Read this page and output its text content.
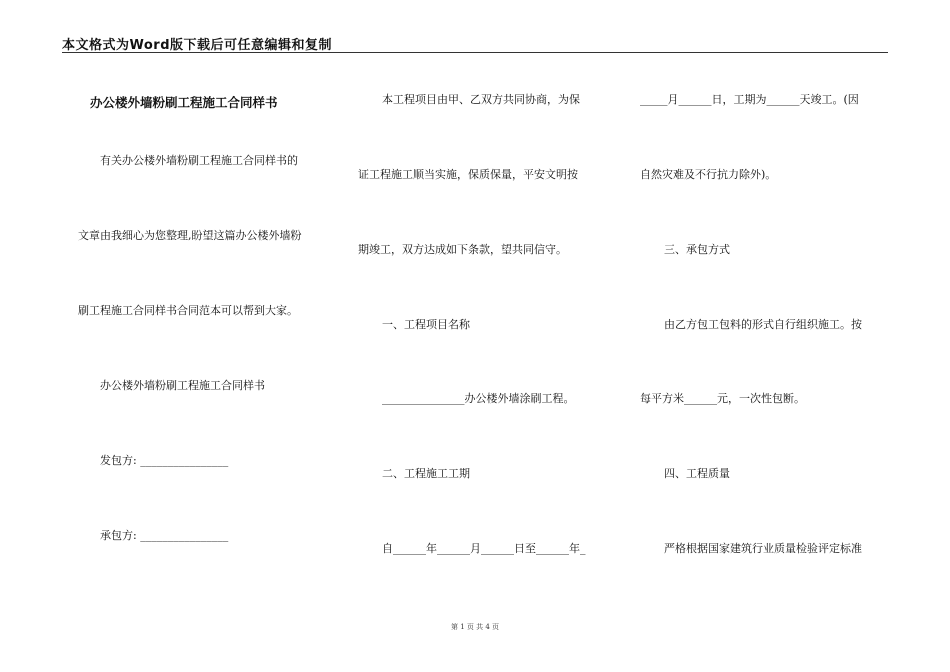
本文格式为Word版下载后可任意编辑和复制
办公楼外墙粉刷工程施工合同样书
有关办公楼外墙粉刷工程施工合同样书的
文章由我细心为您整理,盼望这篇办公楼外墙粉
刷工程施工合同样书合同范本可以帮到大家。
办公楼外墙粉刷工程施工合同样书
发包方: ________________
承包方: ________________
本工程项目由甲、乙双方共同协商，为保
证工程施工顺当实施，保质保量，平安文明按
期竣工，双方达成如下条款，望共同信守。
一、工程项目名称
_______________办公楼外墙涂刷工程。
二、工程施工工期
自______年______月______日至______年_
_____月______日，工期为______天竣工。(因
自然灾难及不行抗力除外)。
三、承包方式
由乙方包工包料的形式自行组织施工。按
每平方米______元，一次性包断。
四、工程质量
严格根据国家建筑行业质量检验评定标准
第 1 页 共 4 页
